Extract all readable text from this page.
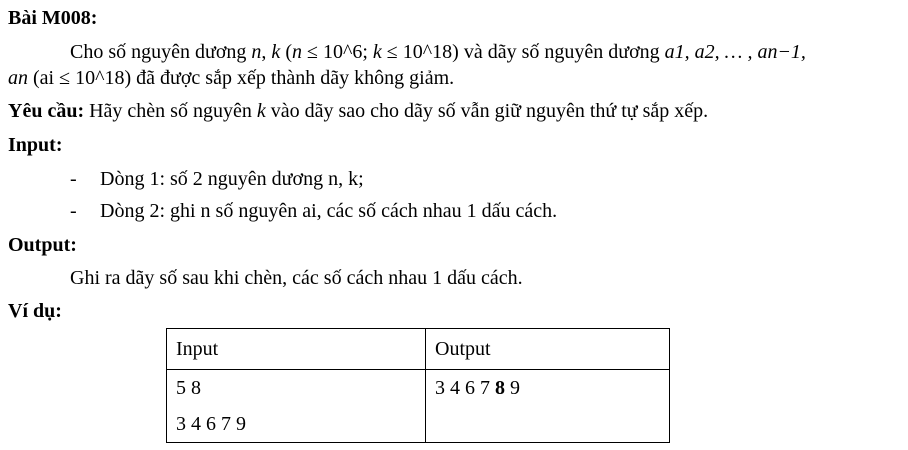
Bài M008:
Cho số nguyên dương n, k (n ≤ 10^6; k ≤ 10^18) và dãy số nguyên dương a1, a2, … , an−1,
an (ai ≤ 10^18) đã được sắp xếp thành dãy không giảm.
Yêu cầu: Hãy chèn số nguyên k vào dãy sao cho dãy số vẫn giữ nguyên thứ tự sắp xếp.
Input:
- Dòng 1: số 2 nguyên dương n, k;
- Dòng 2: ghi n số nguyên ai, các số cách nhau 1 dấu cách.
Output:
Ghi ra dãy số sau khi chèn, các số cách nhau 1 dấu cách.
Ví dụ:
Input	Output

5 8
3 4 6 7 9	3 4 6 7 8 9
